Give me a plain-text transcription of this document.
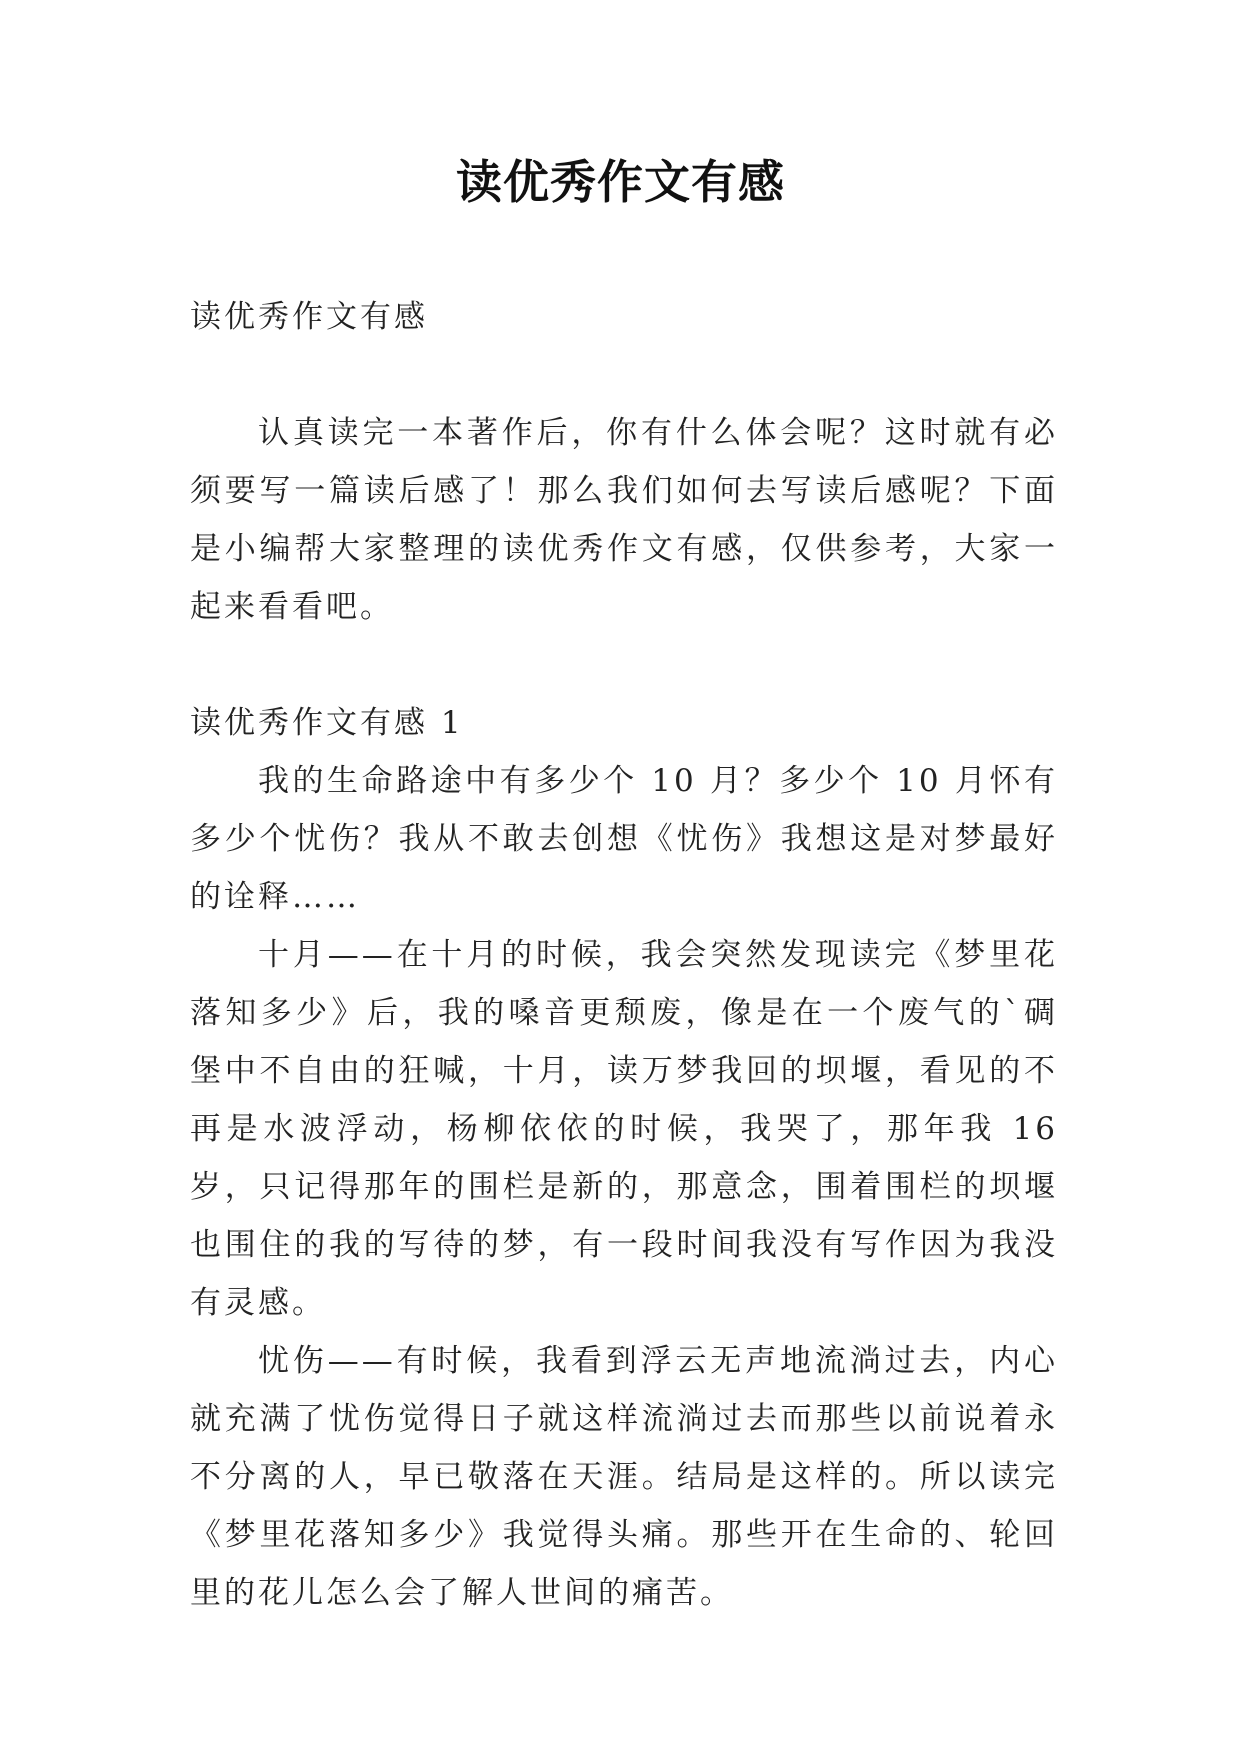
读优秀作文有感

读优秀作文有感

认真读完一本著作后，你有什么体会呢？这时就有必须要写一篇读后感了！那么我们如何去写读后感呢？下面是小编帮大家整理的读优秀作文有感，仅供参考，大家一起来看看吧。

读优秀作文有感 1

我的生命路途中有多少个 10 月？多少个 10 月怀有多少个忧伤？我从不敢去创想《忧伤》我想这是对梦最好的诠释……

十月——在十月的时候，我会突然发现读完《梦里花落知多少》后，我的嗓音更颓废，像是在一个废气的`碉堡中不自由的狂喊，十月，读万梦我回的坝堰，看见的不再是水波浮动，杨柳依依的时候，我哭了，那年我 16 岁，只记得那年的围栏是新的，那意念，围着围栏的坝堰也围住的我的写待的梦，有一段时间我没有写作因为我没有灵感。

忧伤——有时候，我看到浮云无声地流淌过去，内心就充满了忧伤觉得日子就这样流淌过去而那些以前说着永不分离的人，早已敬落在天涯。结局是这样的。所以读完《梦里花落知多少》我觉得头痛。那些开在生命的、轮回里的花儿怎么会了解人世间的痛苦。
